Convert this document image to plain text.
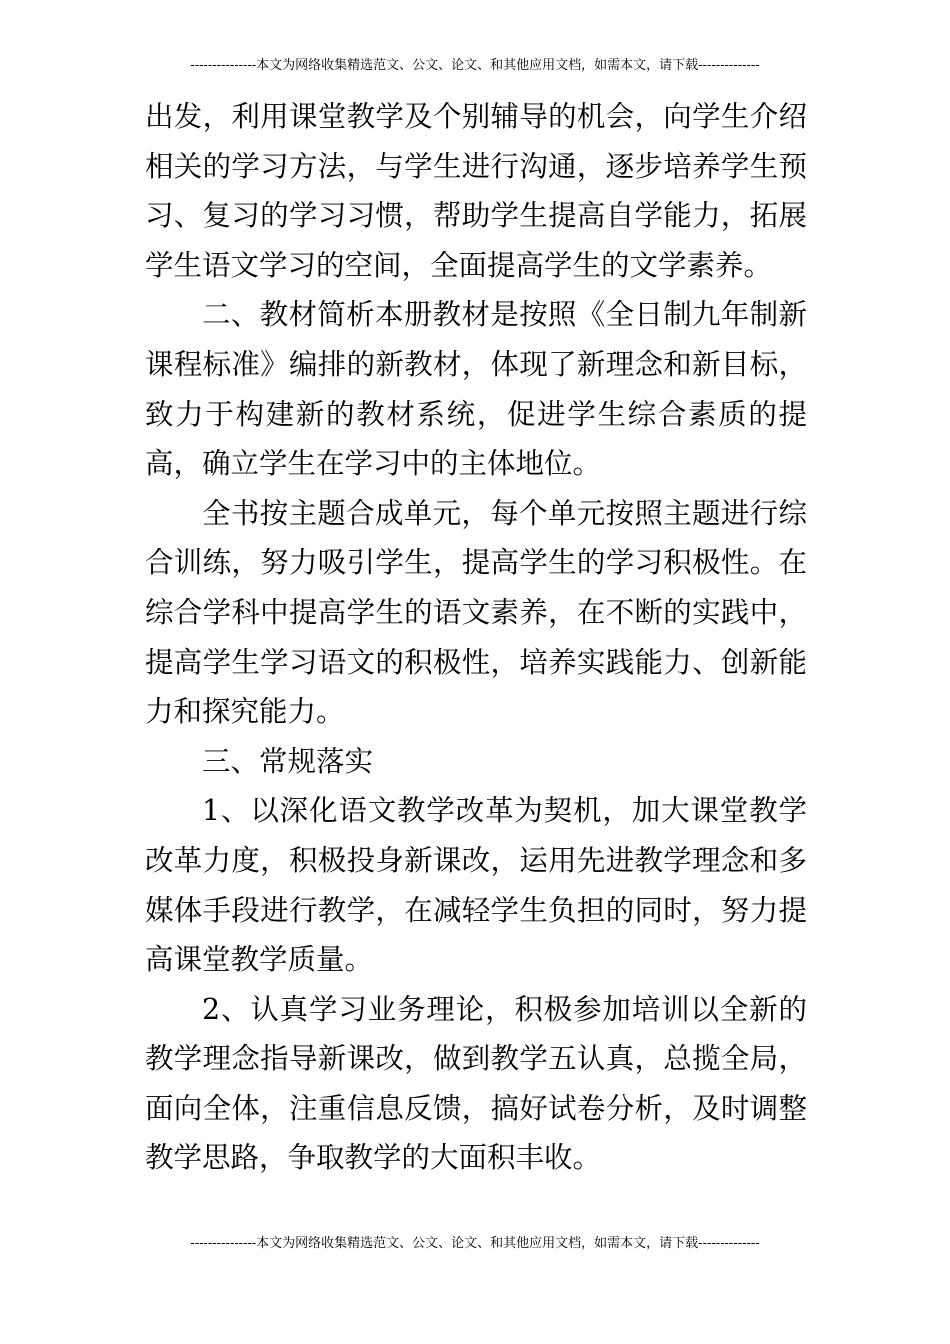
---------------本文为网络收集精选范文、公文、论文、和其他应用文档，如需本文，请下载--------------

出发，利用课堂教学及个别辅导的机会，向学生介绍相关的学习方法，与学生进行沟通，逐步培养学生预习、复习的学习习惯，帮助学生提高自学能力，拓展学生语文学习的空间，全面提高学生的文学素养。

二、教材简析本册教材是按照《全日制九年制新课程标准》编排的新教材，体现了新理念和新目标，致力于构建新的教材系统，促进学生综合素质的提高，确立学生在学习中的主体地位。

全书按主题合成单元，每个单元按照主题进行综合训练，努力吸引学生，提高学生的学习积极性。在综合学科中提高学生的语文素养，在不断的实践中，提高学生学习语文的积极性，培养实践能力、创新能力和探究能力。

三、常规落实

1、以深化语文教学改革为契机，加大课堂教学改革力度，积极投身新课改，运用先进教学理念和多媒体手段进行教学，在减轻学生负担的同时，努力提高课堂教学质量。

2、认真学习业务理论，积极参加培训以全新的教学理念指导新课改，做到教学五认真，总揽全局，面向全体，注重信息反馈，搞好试卷分析，及时调整教学思路，争取教学的大面积丰收。

---------------本文为网络收集精选范文、公文、论文、和其他应用文档，如需本文，请下载--------------
